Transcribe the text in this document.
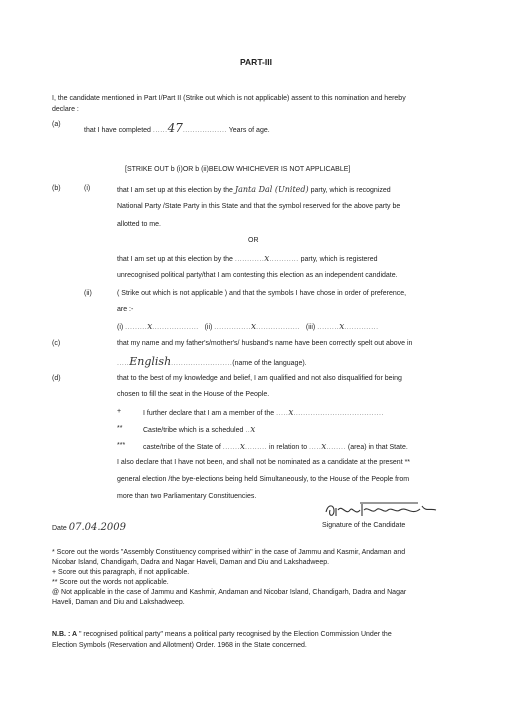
PART-III
I, the candidate mentioned in Part I/Part II (Strike out which is not applicable) assent to this nomination and hereby
declare :
(a)
that I have completed ......47.................. Years of age.
[STRIKE OUT b (i)OR b (ii)BELOW WHICHEVER IS NOT APPLICABLE]
(b)	(i)	that I am set up at this election by the Janta Dal (United) party, which is recognized
National Party /State Party in this State and that the symbol reserved for the above party be
allotted to me.
OR
that I am set up at this election by the ............x............ party, which is registered
unrecognised political party/that I am contesting this election as an independent candidate.
(ii)	( Strike out which is not applicable ) and that the symbols I have chose in order of preference,
are :-
(i) .........x................... (ii) ...............x.................. (iii) .........x..............
(c)	that my name and my father's/mother's/ husband's name have been correctly spelt out above in
.....English.........................(name of the language).
(d)	that to the best of my knowledge and belief, I am qualified and not also disqualified for being
chosen to fill the seat in the House of the People.
+	I further declare that I am a member of the .....x.....................................
**	Caste/tribe which is a scheduled ..x
***	caste/tribe of the State of .......x......... in relation to .....x........ (area) in that State.
I also declare that I have not been, and shall not be nominated as a candidate at the present **
general election /the bye-elections being held Simultaneously, to the House of the People from
more than two Parliamentary Constituencies.
Date 07.04.2009	Signature of the Candidate
* Score out the words "Assembly Constituency comprised within" in the case of Jammu and Kasmir, Andaman and
Nicobar Island, Chandigarh, Dadra and Nagar Haveli, Daman and Diu and Lakshadweep.
+ Score out this paragraph, if not applicable.
** Score out the words not applicable.
@ Not applicable in the case of Jammu and Kashmir, Andaman and Nicobar Island, Chandigarh, Dadra and Nagar
Haveli, Daman and Diu and Lakshadweep.
N.B. : A " recognised political party" means a political party recognised by the Election Commission Under the
Election Symbols (Reservation and Allotment) Order. 1968 in the State concerned.
